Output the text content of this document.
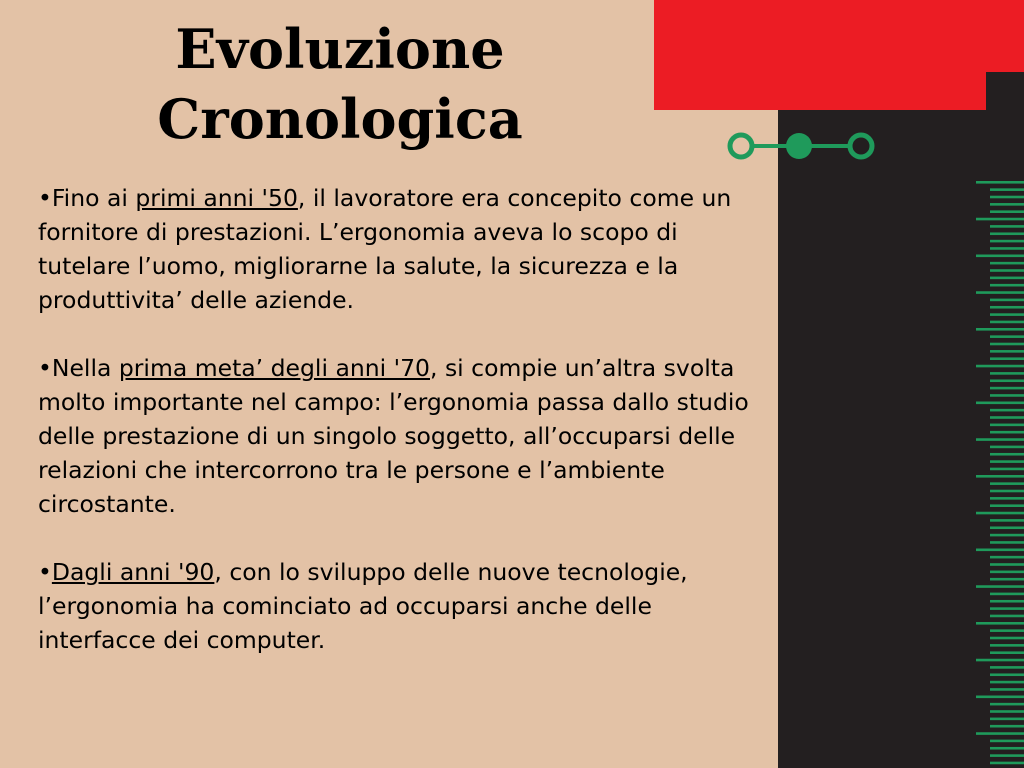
Evoluzione
Cronologica

•Fino ai primi anni '50, il lavoratore era concepito come un fornitore di prestazioni. L’ergonomia aveva lo scopo di tutelare l’uomo, migliorarne la salute, la sicurezza e la produttivita’ delle aziende.

•Nella prima meta’ degli anni '70, si compie un’altra svolta molto importante nel campo: l’ergonomia passa dallo studio delle prestazione di un singolo soggetto, all’occuparsi delle relazioni che intercorrono tra le persone e l’ambiente circostante.

•Dagli anni '90, con lo sviluppo delle nuove tecnologie, l’ergonomia ha cominciato ad occuparsi anche delle interfacce dei computer.
